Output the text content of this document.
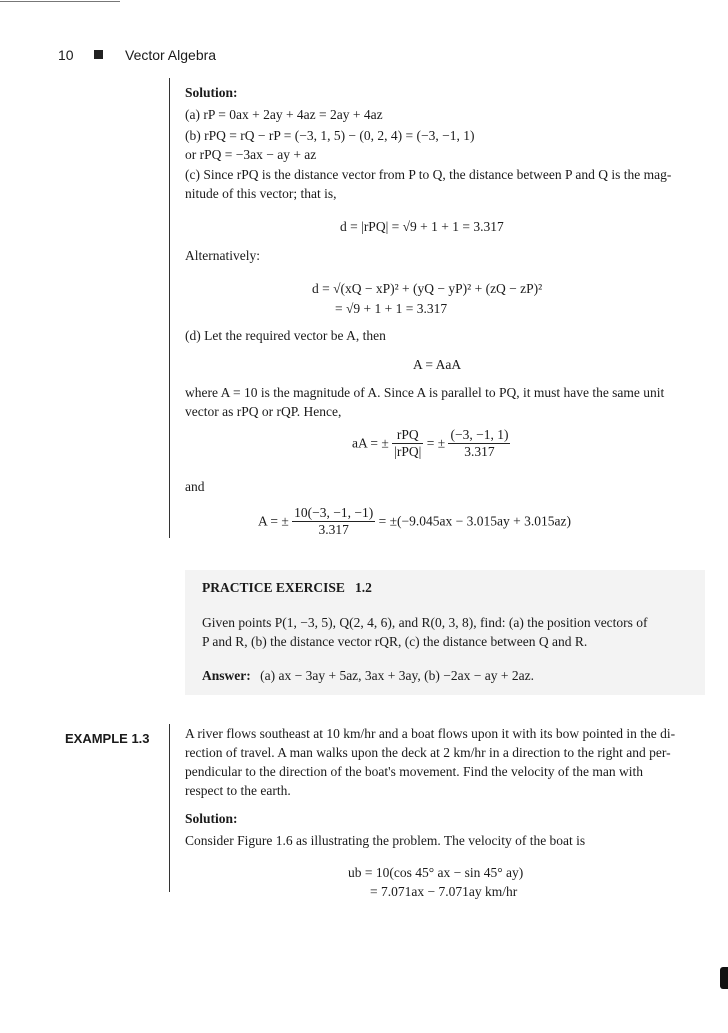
10	Vector Algebra
Solution:
(a) rP = 0ax + 2ay + 4az = 2ay + 4az
(b) rPQ = rQ − rP = (−3, 1, 5) − (0, 2, 4) = (−3, −1, 1)
or rPQ = −3ax − ay + az
(c) Since rPQ is the distance vector from P to Q, the distance between P and Q is the mag-
nitude of this vector; that is,
d = |rPQ| = √9 + 1 + 1 = 3.317
Alternatively:
d = √(xQ − xP)² + (yQ − yP)² + (zQ − zP)²
= √9 + 1 + 1 = 3.317
(d) Let the required vector be A, then
A = AaA
where A = 10 is the magnitude of A. Since A is parallel to PQ, it must have the same unit
vector as rPQ or rQP. Hence,
aA = ± $\frac{\text{rPQ}}{\text{|rPQ|}}$ = ± $\frac{(-3, -1, 1)}{3.317}$
and
A = ± $\frac{10(-3, -1, -1)}{3.317} = \pm(-9.045ax - 3.015ay + 3.015az)$
PRACTICE EXERCISE   1.2
Given points P(1, −3, 5), Q(2, 4, 6), and R(0, 3, 8), find: (a) the position vectors of
P and R, (b) the distance vector rQR, (c) the distance between Q and R.
Answer: (a) ax − 3ay + 5az, 3ax + 3ay, (b) −2ax − ay + 2az.
EXAMPLE 1.3	A river flows southeast at 10 km/hr and a boat flows upon it with its bow pointed in the di-
rection of travel. A man walks upon the deck at 2 km/hr in a direction to the right and per-
pendicular to the direction of the boat's movement. Find the velocity of the man with
respect to the earth.
Solution:
Consider Figure 1.6 as illustrating the problem. The velocity of the boat is
ub = 10(cos 45° ax − sin 45° ay)
= 7.071ax − 7.071ay km/hr
